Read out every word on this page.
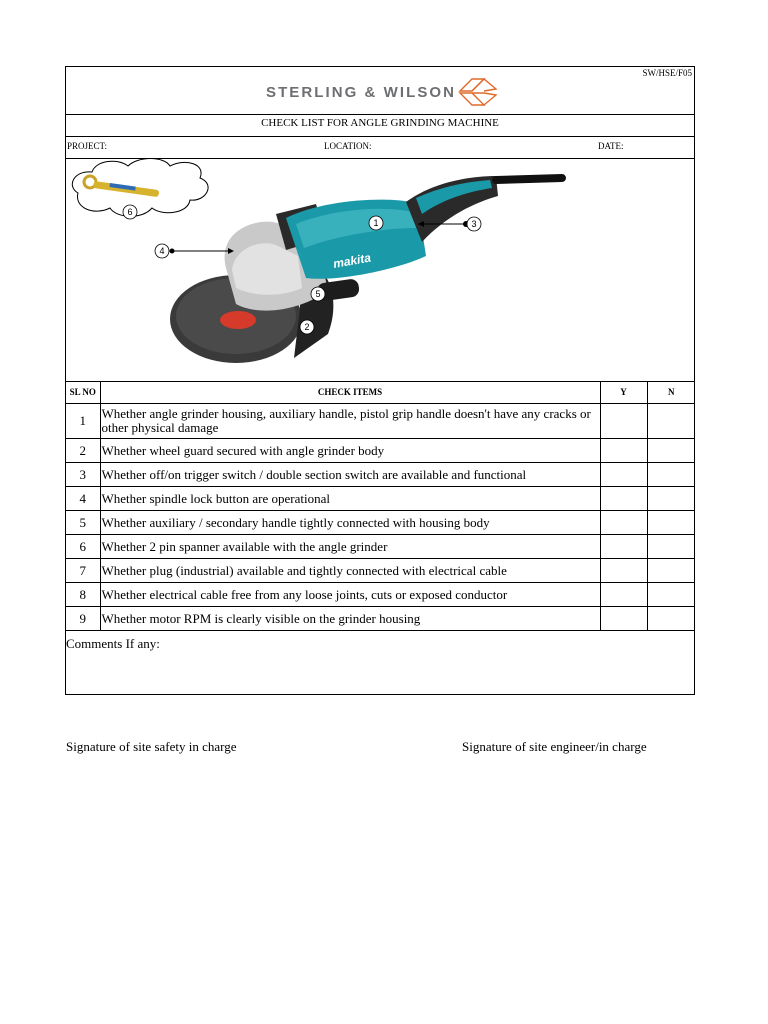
SW/HSE/F05
STERLING & WILSON
CHECK LIST FOR ANGLE GRINDING MACHINE
PROJECT:	LOCATION:	DATE:
6
makita
1	3
4
5
2
SL NO	CHECK ITEMS	Y	N
1	Whether angle grinder housing, auxiliary handle, pistol grip handle doesn't have any cracks or other physical damage		
2	Whether wheel guard secured with angle grinder body		
3	Whether off/on trigger switch / double section switch are available and functional		
4	Whether spindle lock button are operational		
5	Whether auxiliary / secondary handle tightly connected with housing body		
6	Whether 2 pin spanner available with the angle grinder		
7	Whether plug (industrial) available and tightly connected with electrical cable		
8	Whether electrical cable free from any loose joints, cuts or exposed conductor		
9	Whether motor RPM is clearly visible on the grinder housing		
Comments If any:
Signature of site safety in charge	Signature of site engineer/in charge
